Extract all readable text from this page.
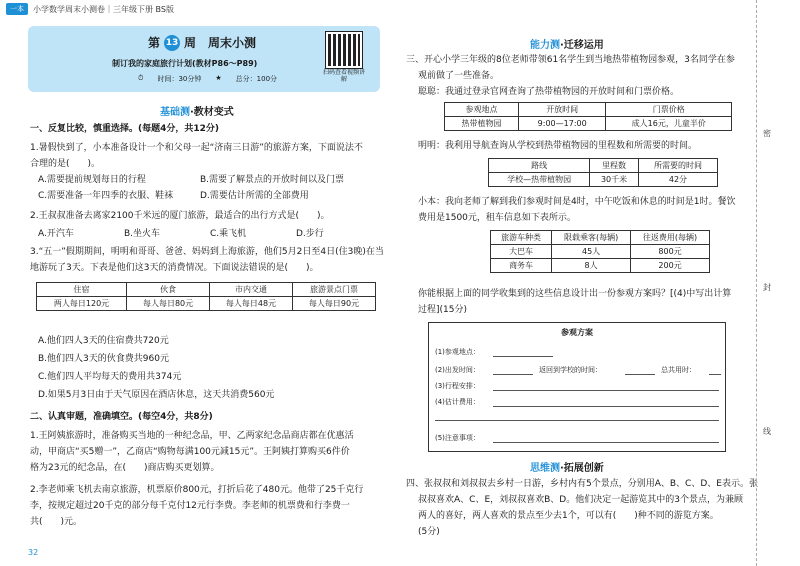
一本	小学数学周末小测卷｜三年级下册 BS版
第 13 周　周末小测
制订我的家庭旅行计划(教材P86～P89)
⏱ 时间：30分钟 ★ 总分：100分
扫码查看视频讲解
基础测·教材变式
一、反复比较，慎重选择。(每题4分，共12分)
1.暑假快到了，小本准备设计一个和父母一起“济南三日游”的旅游方案，下面说法不
合理的是(　　)。
A.需要提前规划每日的行程	B.需要了解景点的开放时间以及门票
C.需要准备一年四季的衣服、鞋袜	D.需要估计所需的全部费用
2.王叔叔准备去离家2100千米远的厦门旅游，最适合的出行方式是(　　)。
A.开汽车	B.坐火车	C.乘飞机	D.步行
3.“五一”假期期间，明明和哥哥、爸爸、妈妈到上海旅游，他们5月2日至4日(住3晚)在当
地游玩了3天。下表是他们这3天的消费情况。下面说法错误的是(　　)。
住宿	伙食	市内交通	旅游景点门票
两人每日120元	每人每日80元	每人每日48元	每人每日90元
A.他们四人3天的住宿费共720元
B.他们四人3天的伙食费共960元
C.他们四人平均每天的费用共374元
D.如果5月3日由于天气原因在酒店休息，这天共消费560元
二、认真审题，准确填空。(每空4分，共8分)
1.王阿姨旅游时，准备购买当地的一种纪念品，甲、乙两家纪念品商店都在优惠活
动，甲商店“买5赠一”，乙商店“购物每满100元减15元”。王阿姨打算购买6件价
格为23元的纪念品，在(　　)商店购买更划算。
2.李老师乘飞机去南京旅游，机票原价800元，打折后花了480元。他带了25千克行
李，按规定超过20千克的部分每千克付12元行李费。李老师的机票费和行李费一
共(　　)元。
32
能力测·迁移运用
三、开心小学三年级的8位老师带领61名学生到当地热带植物园参观，3名同学在参
观前做了一些准备。
聪聪：我通过登录官网查询了热带植物园的开放时间和门票价格。
参观地点	开放时间	门票价格
热带植物园	9:00—17:00	成人16元，儿童半价
明明：我利用导航查询从学校到热带植物园的里程数和所需要的时间。
路线	里程数	所需要的时间
学校—热带植物园	30千米	42分
小本：我向老师了解到我们参观时间是4时，中午吃饭和休息的时间是1时。餐饮
费用是1500元，租车信息如下表所示。
旅游车种类	限载乘客(每辆)	往返费用(每辆)
大巴车	45人	800元
商务车	8人	200元
你能根据上面的同学收集到的这些信息设计出一份参观方案吗？[(4)中写出计算
过程](15分)
参观方案
(1)参观地点：
(2)出发时间：	返回到学校的时间：	总共用时：
(3)行程安排：
(4)估计费用：
(5)注意事项：
思维测·拓展创新
四、张叔叔和刘叔叔去乡村一日游，乡村内有5个景点，分别用A、B、C、D、E表示。张
叔叔喜欢A、C、E，刘叔叔喜欢B、D。他们决定一起游览其中的3个景点，为兼顾
两人的喜好，两人喜欢的景点至少去1个，可以有(　　)种不同的游览方案。
(5分)
密
封
线
